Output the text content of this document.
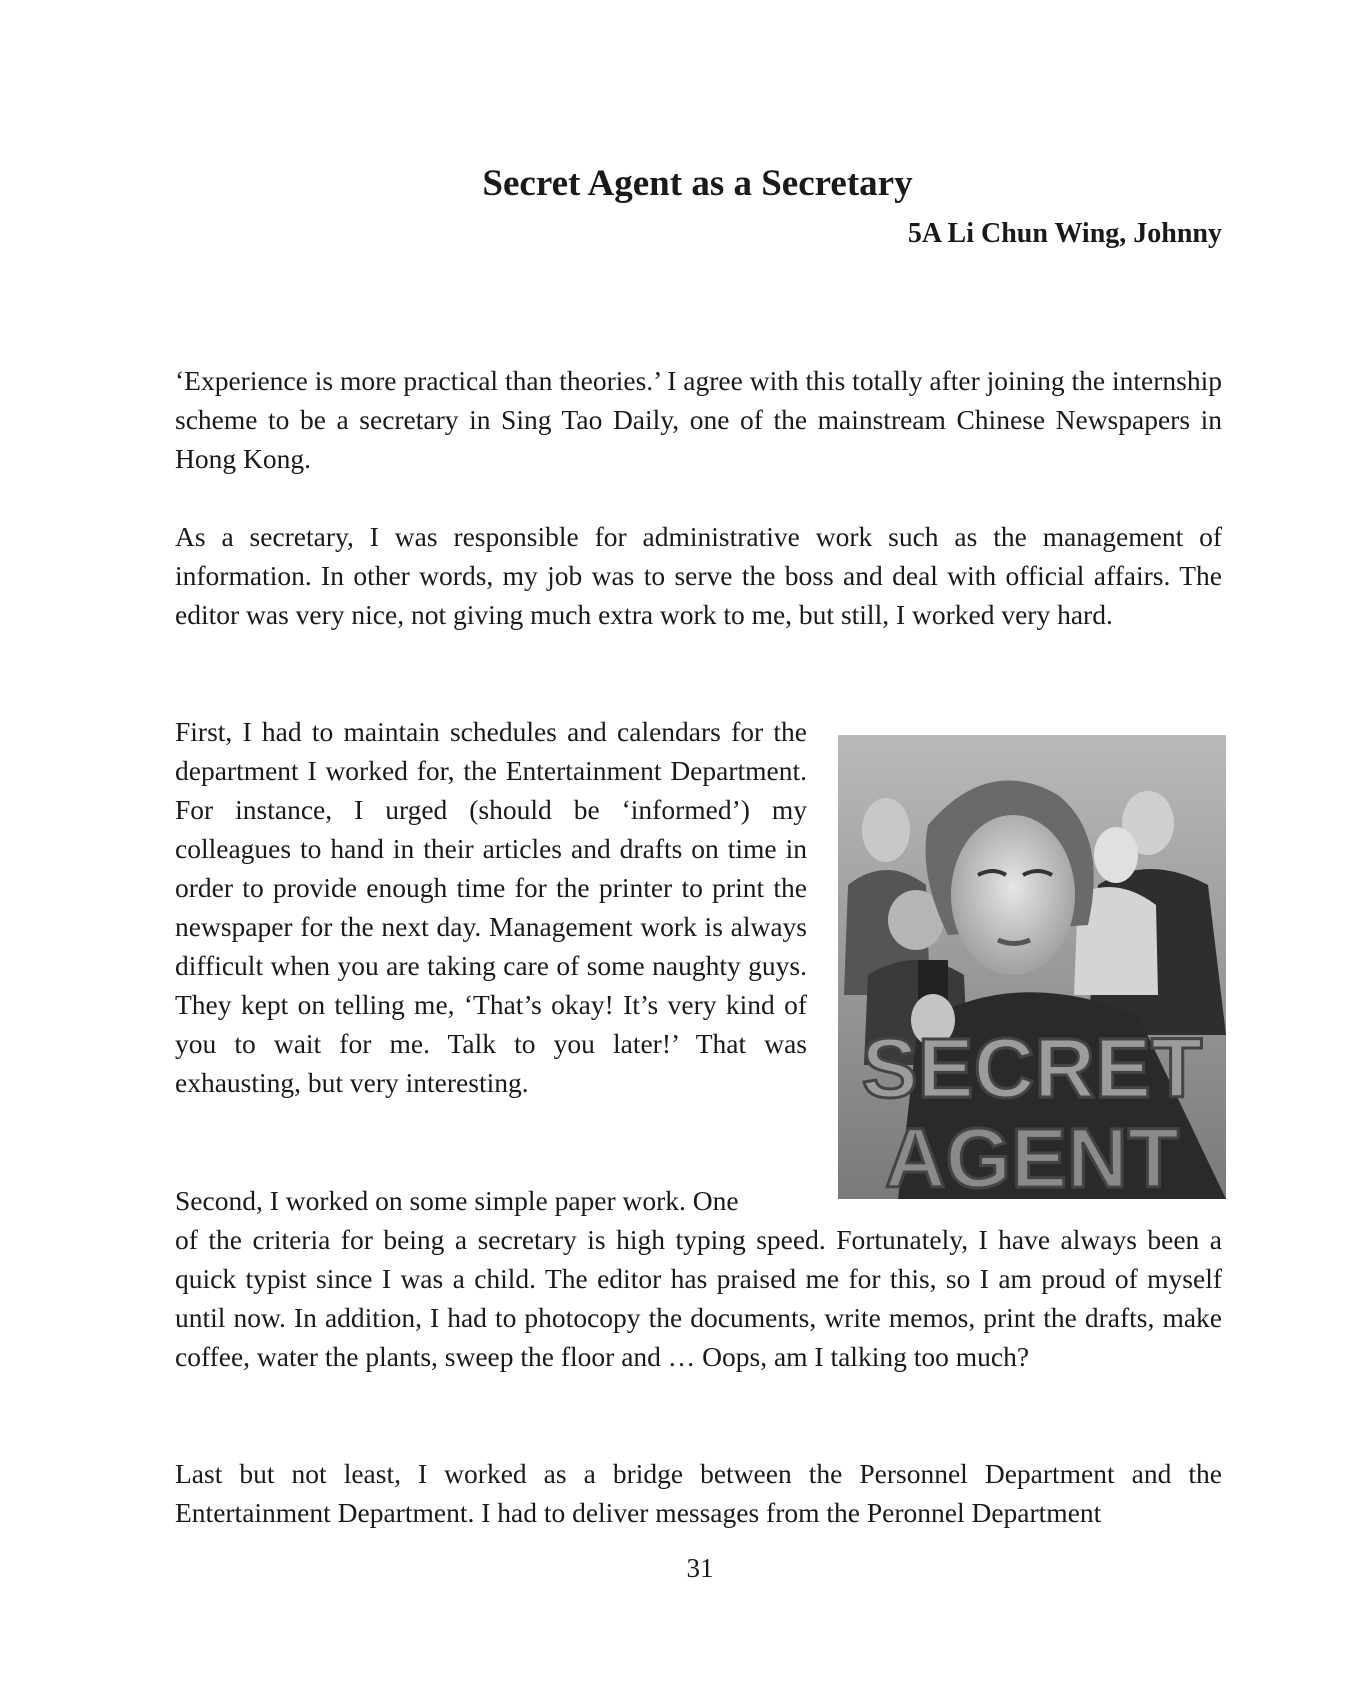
Secret Agent as a Secretary
5A Li Chun Wing, Johnny

‘Experience is more practical than theories.’ I agree with this totally after joining the internship scheme to be a secretary in Sing Tao Daily, one of the mainstream Chinese Newspapers in Hong Kong.

As a secretary, I was responsible for administrative work such as the management of information. In other words, my job was to serve the boss and deal with official affairs. The editor was very nice, not giving much extra work to me, but still, I worked very hard.

First, I had to maintain schedules and calendars for the department I worked for, the Entertainment Department. For instance, I urged (should be ‘informed’) my colleagues to hand in their articles and drafts on time in order to provide enough time for the printer to print the newspaper for the next day. Management work is always difficult when you are taking care of some naughty guys. They kept on telling me, ‘That’s okay! It’s very kind of you to wait for me. Talk to you later!’ That was exhausting, but very interesting.

Second, I worked on some simple paper work. One

of the criteria for being a secretary is high typing speed. Fortunately, I have always been a quick typist since I was a child. The editor has praised me for this, so I am proud of myself until now. In addition, I had to photocopy the documents, write memos, print the drafts, make coffee, water the plants, sweep the floor and … Oops, am I talking too much?

Last but not least, I worked as a bridge between the Personnel Department and the Entertainment Department. I had to deliver messages from the Peronnel Department

SECRET
AGENT
31
